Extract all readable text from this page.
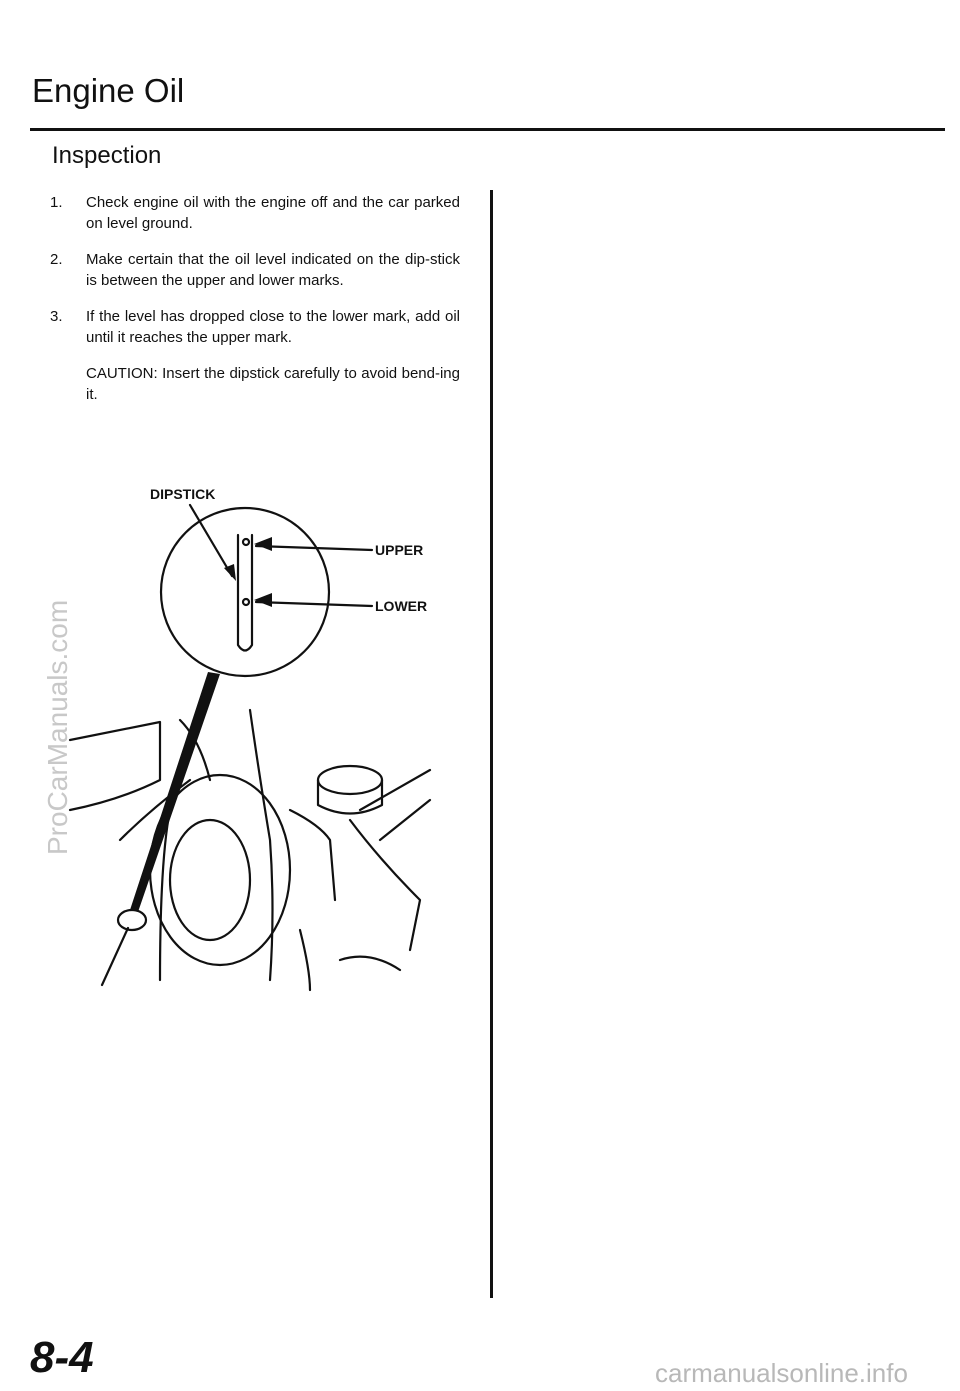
Engine Oil
Inspection
1. Check engine oil with the engine off and the car parked on level ground.
2. Make certain that the oil level indicated on the dip-stick is between the upper and lower marks.
3. If the level has dropped close to the lower mark, add oil until it reaches the upper mark.
CAUTION: Insert the dipstick carefully to avoid bend-ing it.
DIPSTICK
UPPER
LOWER
ProCarManuals.com
8-4	carmanualsonline.info
